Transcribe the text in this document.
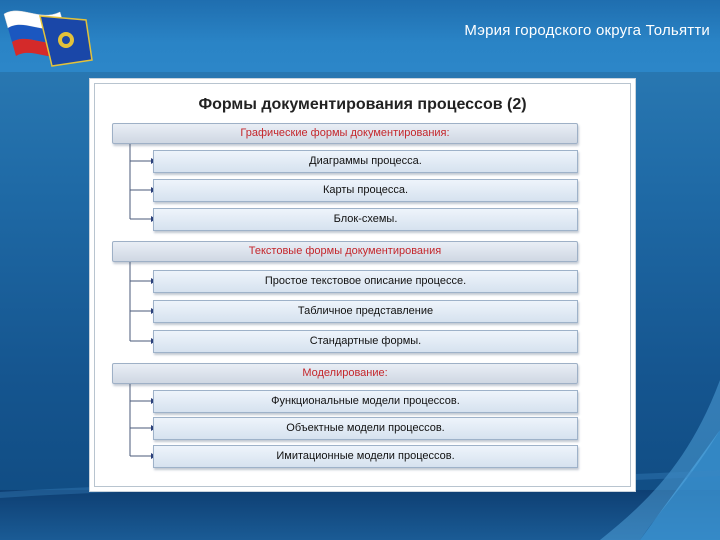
Мэрия городского округа Тольятти
Формы документирования процессов (2)
Графические формы документирования:
Диаграммы процесса.
Карты процесса.
Блок-схемы.
Текстовые формы документирования
Простое текстовое описание процессе.
Табличное представление
Стандартные формы.
Моделирование:
Функциональные модели процессов.
Объектные модели процессов.
Имитационные модели процессов.
